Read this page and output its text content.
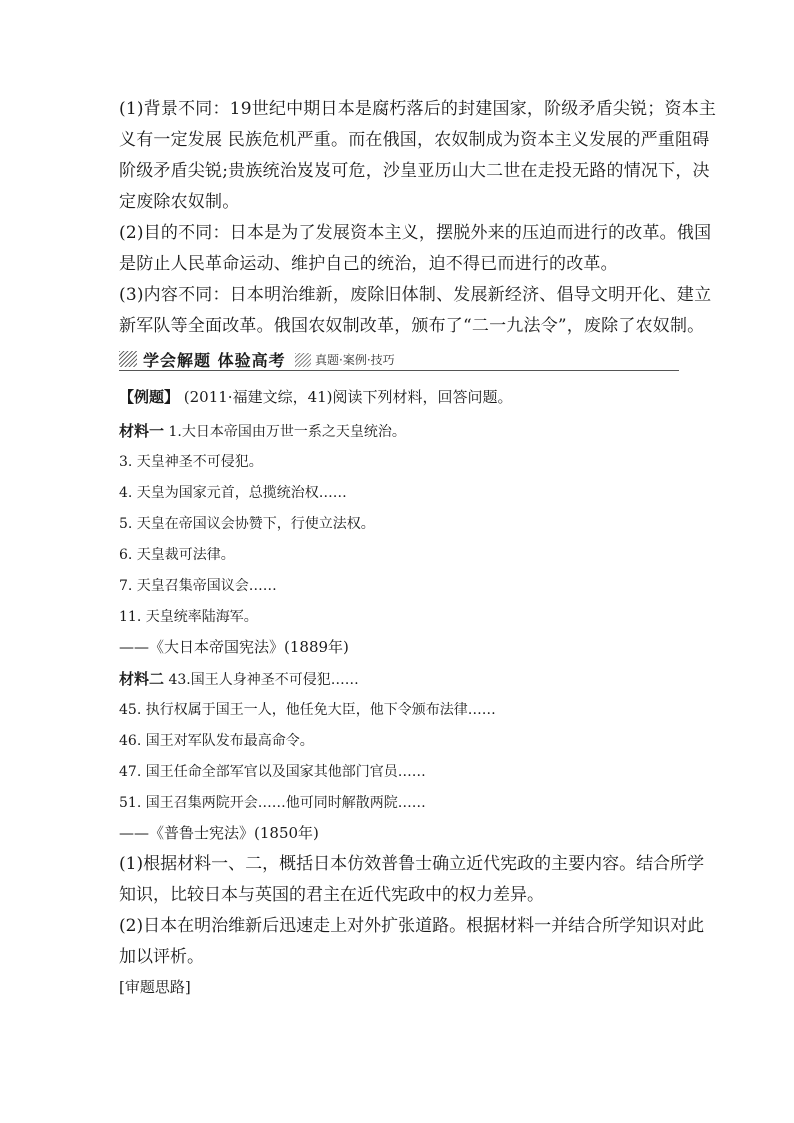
(1)背景不同：19世纪中期日本是腐朽落后的封建国家，阶级矛盾尖锐；资本主
义有一定发展 民族危机严重。而在俄国，农奴制成为资本主义发展的严重阻碍
阶级矛盾尖锐;贵族统治岌岌可危，沙皇亚历山大二世在走投无路的情况下，决
定废除农奴制。
(2)目的不同：日本是为了发展资本主义，摆脱外来的压迫而进行的改革。俄国
是防止人民革命运动、维护自己的统治，迫不得已而进行的改革。
(3)内容不同：日本明治维新，废除旧体制、发展新经济、倡导文明开化、建立
新军队等全面改革。俄国农奴制改革，颁布了“二一九法令”，废除了农奴制。
学会解题 体验高考 真题·案例·技巧
【例题】 (2011·福建文综，41)阅读下列材料，回答问题。
材料一 1.大日本帝国由万世一系之天皇统治。
3. 天皇神圣不可侵犯。
4. 天皇为国家元首，总揽统治权……
5. 天皇在帝国议会协赞下，行使立法权。
6. 天皇裁可法律。
7. 天皇召集帝国议会……
11. 天皇统率陆海军。
——《大日本帝国宪法》(1889年)
材料二 43.国王人身神圣不可侵犯……
45. 执行权属于国王一人，他任免大臣，他下令颁布法律……
46. 国王对军队发布最高命令。
47. 国王任命全部军官以及国家其他部门官员……
51. 国王召集两院开会……他可同时解散两院……
——《普鲁士宪法》(1850年)
(1)根据材料一、二，概括日本仿效普鲁士确立近代宪政的主要内容。结合所学
知识，比较日本与英国的君主在近代宪政中的权力差异。
(2)日本在明治维新后迅速走上对外扩张道路。根据材料一并结合所学知识对此
加以评析。
[审题思路]
